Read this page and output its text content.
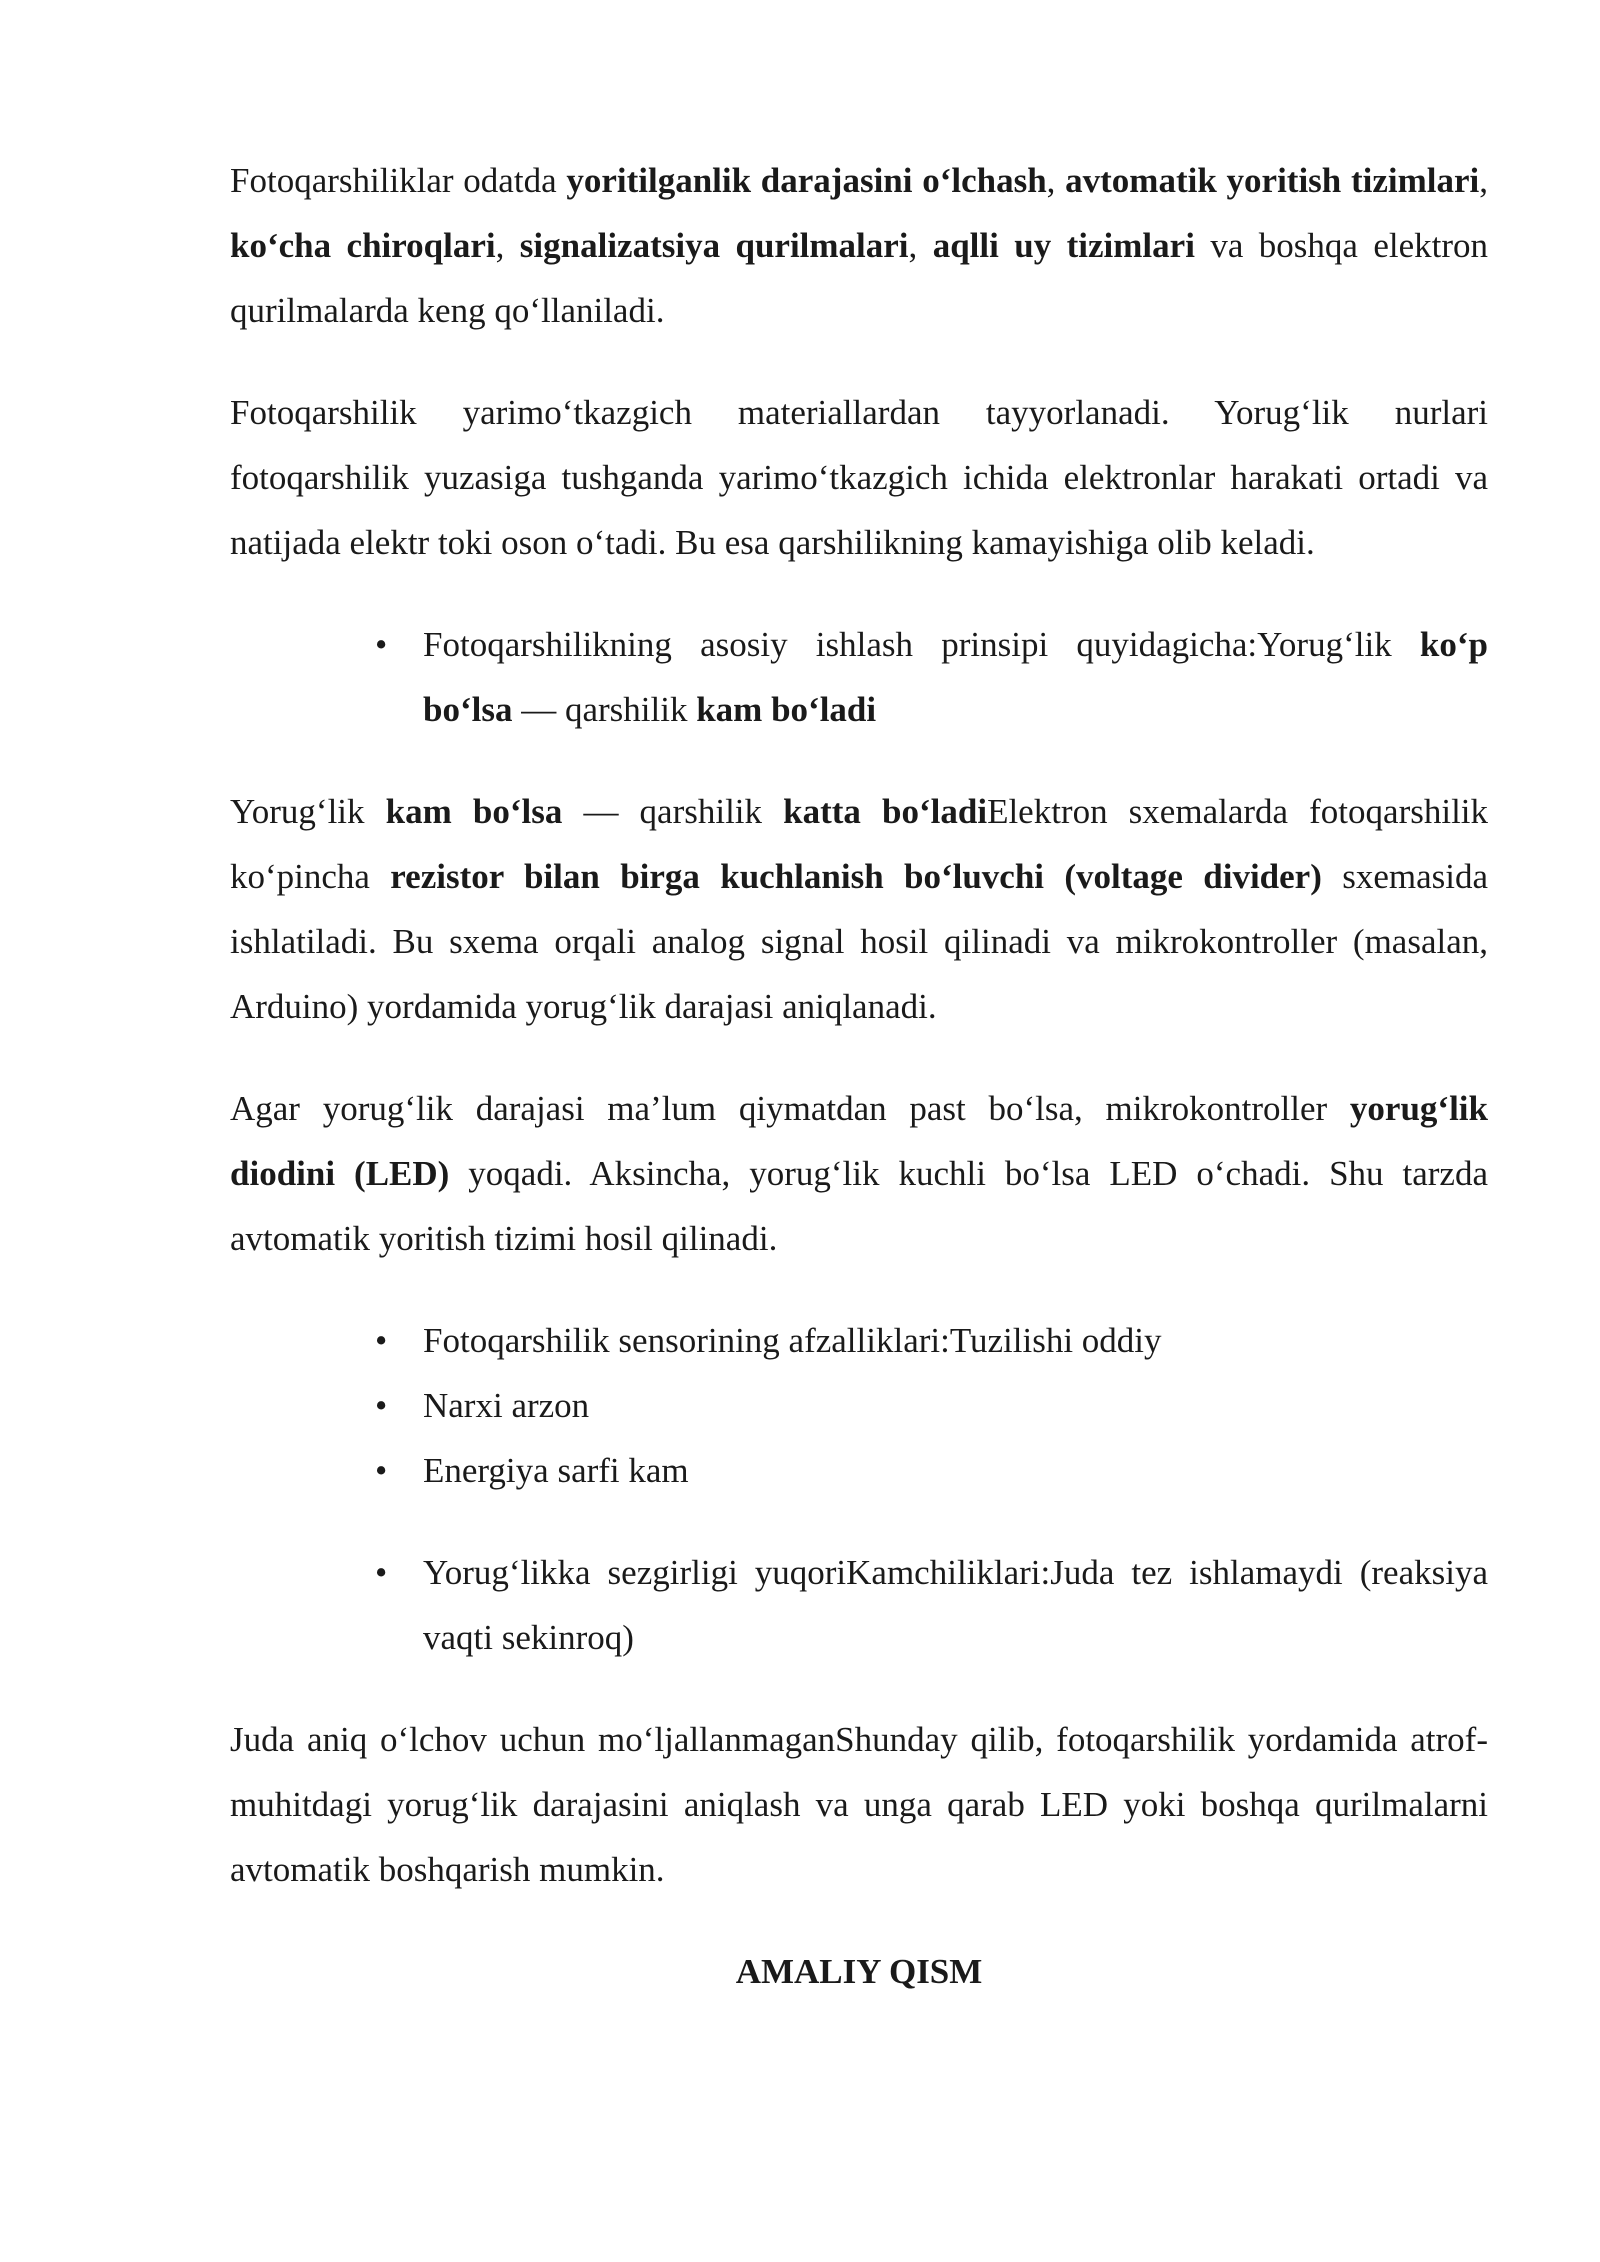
Fotoqarshiliklar odatda yoritilganlik darajasini o‘lchash, avtomatik yoritish tizimlari, ko‘cha chiroqlari, signalizatsiya qurilmalari, aqlli uy tizimlari va boshqa elektron qurilmalarda keng qo‘llaniladi.

Fotoqarshilik yarimo‘tkazgich materiallardan tayyorlanadi. Yorug‘lik nurlari fotoqarshilik yuzasiga tushganda yarimo‘tkazgich ichida elektronlar harakati ortadi va natijada elektr toki oson o‘tadi. Bu esa qarshilikning kamayishiga olib keladi.

• Fotoqarshilikning asosiy ishlash prinsipi quyidagicha:Yorug‘lik ko‘p bo‘lsa — qarshilik kam bo‘ladi

Yorug‘lik kam bo‘lsa — qarshilik katta bo‘ladiElektron sxemalarda fotoqarshilik ko‘pincha rezistor bilan birga kuchlanish bo‘luvchi (voltage divider) sxemasida ishlatiladi. Bu sxema orqali analog signal hosil qilinadi va mikrokontroller (masalan, Arduino) yordamida yorug‘lik darajasi aniqlanadi.

Agar yorug‘lik darajasi ma’lum qiymatdan past bo‘lsa, mikrokontroller yorug‘lik diodini (LED) yoqadi. Aksincha, yorug‘lik kuchli bo‘lsa LED o‘chadi. Shu tarzda avtomatik yoritish tizimi hosil qilinadi.

• Fotoqarshilik sensorining afzalliklari:Tuzilishi oddiy
• Narxi arzon
• Energiya sarfi kam
• Yorug‘likka sezgirligi yuqoriKamchiliklari:Juda tez ishlamaydi (reaksiya vaqti sekinroq)

Juda aniq o‘lchov uchun mo‘ljallanmaganShunday qilib, fotoqarshilik yordamida atrof-muhitdagi yorug‘lik darajasini aniqlash va unga qarab LED yoki boshqa qurilmalarni avtomatik boshqarish mumkin.

AMALIY QISM
